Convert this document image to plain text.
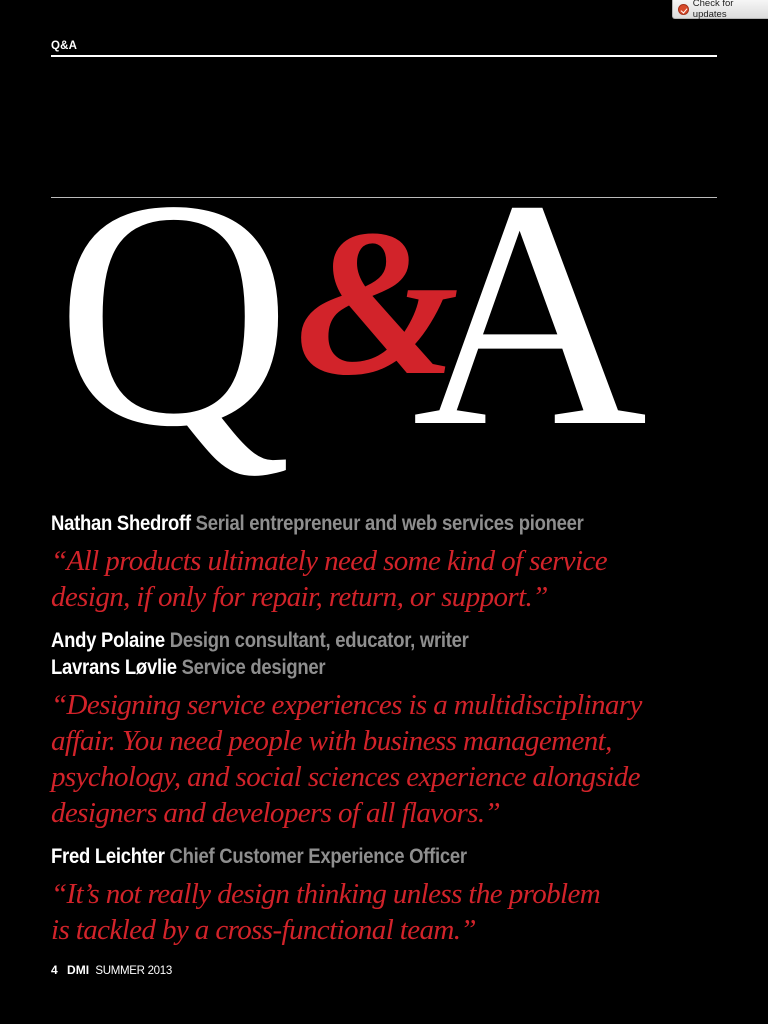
Check for updates
Q&A
Q A
&
Nathan Shedroff Serial entrepreneur and web services pioneer

“All products ultimately need some kind of service
design, if only for repair, return, or support.”

Andy Polaine Design consultant, educator, writer
Lavrans Løvlie Service designer

“Designing service experiences is a multidisciplinary
affair. You need people with business management,
psychology, and social sciences experience alongside
designers and developers of all flavors.”

Fred Leichter Chief Customer Experience Officer

“It’s not really design thinking unless the problem
is tackled by a cross-functional team.”

4 DMI SUMMER 2013
